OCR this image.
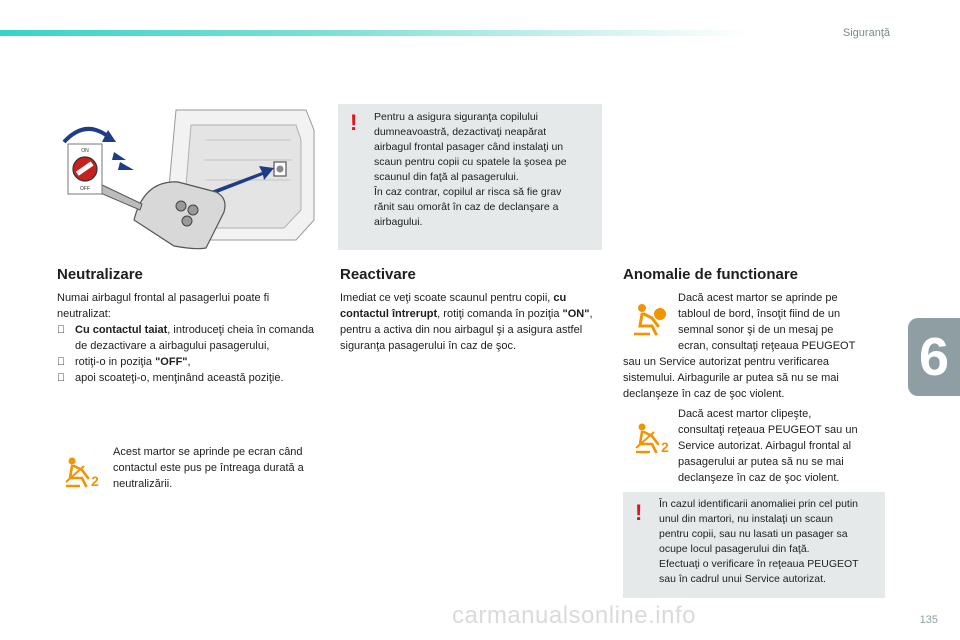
Siguranţă
6
ON
OFF
! Pentru a asigura siguranţa copilului

dumneavoastră, dezactivaţi neapărat

airbagul frontal pasager când instalaţi un

scaun pentru copii cu spatele la şosea pe

scaunul din faţă al pasagerului.

În caz contrar, copilul ar risca să fie grav

rănit sau omorât în caz de declanşare a

airbagului.

Neutralizare

Numai airbagul frontal al pasagerlui poate fi neutralizat:

Cu contactul taiat, introduceţi cheia în comanda de dezactivare a airbagului pasagerului,
rotiţi-o in poziţia "OFF",
apoi scoateţi-o, menţinând această poziţie.
2
Acest martor se aprinde pe ecran când contactul este pus pe întreaga durată a neutralizării.
Reactivare
Imediat ce veţi scoate scaunul pentru copii, cu contactul întrerupt, rotiţi comanda în poziţia "ON", pentru a activa din nou airbagul şi a asigura astfel siguranţa pasagerului în caz de şoc.
Anomalie de functionare

Dacă acest martor se aprinde pe

tabloul de bord, însoţit fiind de un

semnal sonor şi de un mesaj pe

ecran, consultaţi reţeaua PEUGEOT

sau un Service autorizat pentru verificarea

sistemului. Airbagurile ar putea să nu se mai

declanşeze în caz de şoc violent.

2

Dacă acest martor clipeşte,

consultaţi reţeaua PEUGEOT sau un

Service autorizat. Airbagul frontal al

pasagerului ar putea să nu se mai

declanşeze în caz de şoc violent.

! În cazul identificarii anomaliei prin cel putin

unul din martori, nu instalaţi un scaun

pentru copii, sau nu lasati un pasager sa

ocupe locul pasagerului din faţă.

Efectuaţi o verificare în reţeaua PEUGEOT

sau în cadrul unui Service autorizat.

carmanualsonline.info	135
